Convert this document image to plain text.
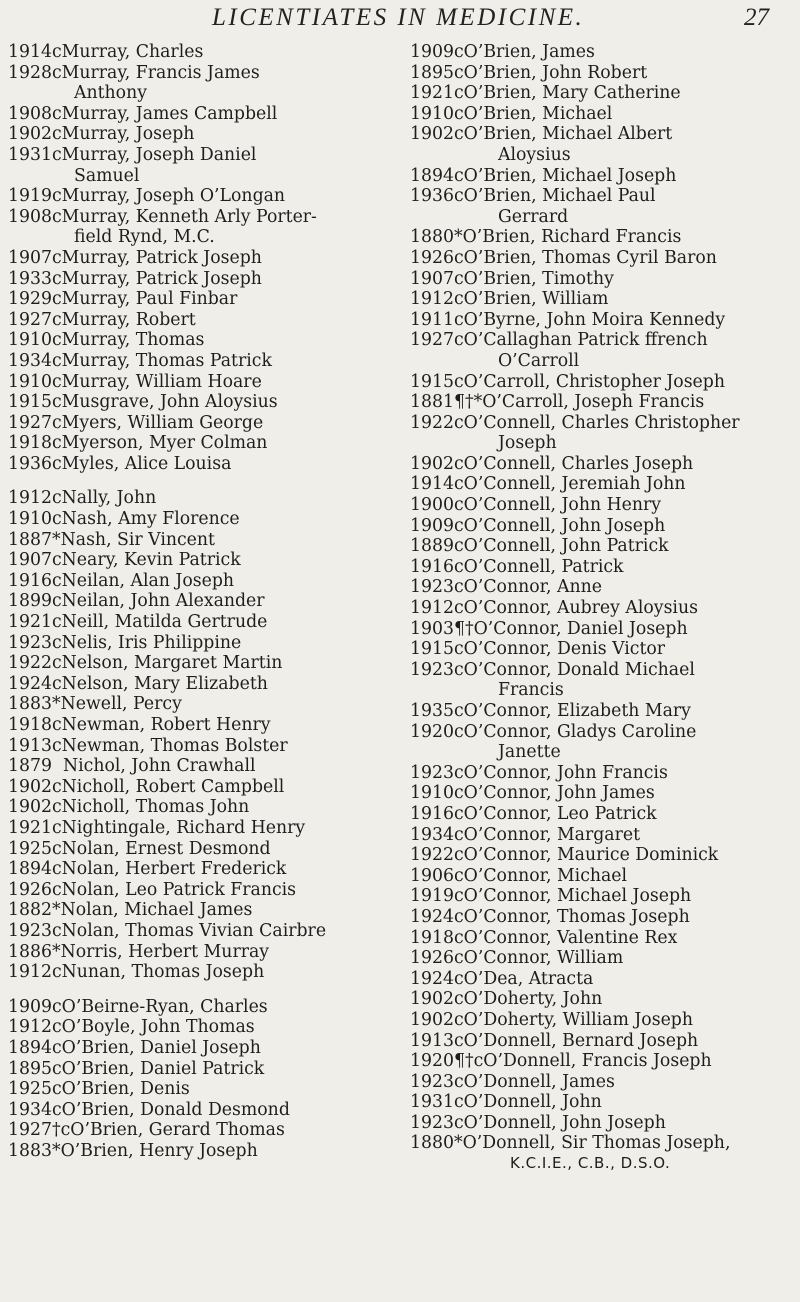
LICENTIATES IN MEDICINE.	27
1914 cMurray, Charles
1928 cMurray, Francis James
Anthony
1908 cMurray, James Campbell
1902 cMurray, Joseph
1931 cMurray, Joseph Daniel
Samuel
1919 cMurray, Joseph O’Longan
1908 cMurray, Kenneth Arly Porter-
field Rynd, M.C.
1907 cMurray, Patrick Joseph
1933 cMurray, Patrick Joseph
1929 cMurray, Paul Finbar
1927 cMurray, Robert
1910 cMurray, Thomas
1934 cMurray, Thomas Patrick
1910 cMurray, William Hoare
1915 cMusgrave, John Aloysius
1927 cMyers, William George
1918 cMyerson, Myer Colman
1936 cMyles, Alice Louisa
1912 cNally, John
1910 cNash, Amy Florence
1887 *Nash, Sir Vincent
1907 cNeary, Kevin Patrick
1916 cNeilan, Alan Joseph
1899 cNeilan, John Alexander
1921 cNeill, Matilda Gertrude
1923 cNelis, Iris Philippine
1922 cNelson, Margaret Martin
1924 cNelson, Mary Elizabeth
1883 *Newell, Percy
1918 cNewman, Robert Henry
1913 cNewman, Thomas Bolster
1879 Nichol, John Crawhall
1902 cNicholl, Robert Campbell
1902 cNicholl, Thomas John
1921 cNightingale, Richard Henry
1925 cNolan, Ernest Desmond
1894 cNolan, Herbert Frederick
1926 cNolan, Leo Patrick Francis
1882 *Nolan, Michael James
1923 cNolan, Thomas Vivian Cairbre
1886 *Norris, Herbert Murray
1912 cNunan, Thomas Joseph
1909 cO’Beirne-Ryan, Charles
1912 cO’Boyle, John Thomas
1894 cO’Brien, Daniel Joseph
1895 cO’Brien, Daniel Patrick
1925 cO’Brien, Denis
1934 cO’Brien, Donald Desmond
1927† cO’Brien, Gerard Thomas
1883 *O’Brien, Henry Joseph
1909 cO’Brien, James
1895 cO’Brien, John Robert
1921 cO’Brien, Mary Catherine
1910 cO’Brien, Michael
1902 cO’Brien, Michael Albert
Aloysius
1894 cO’Brien, Michael Joseph
1936 cO’Brien, Michael Paul
Gerrard
1880 *O’Brien, Richard Francis
1926 cO’Brien, Thomas Cyril Baron
1907 cO’Brien, Timothy
1912 cO’Brien, William
1911 cO’Byrne, John Moira Kennedy
1927 cO’Callaghan Patrick ffrench
O’Carroll
1915 cO’Carroll, Christopher Joseph
1881¶† *O’Carroll, Joseph Francis
1922 cO’Connell, Charles Christopher
Joseph
1902 cO’Connell, Charles Joseph
1914 cO’Connell, Jeremiah John
1900 cO’Connell, John Henry
1909 cO’Connell, John Joseph
1889 cO’Connell, John Patrick
1916 cO’Connell, Patrick
1923 cO’Connor, Anne
1912 cO’Connor, Aubrey Aloysius
1903¶† O’Connor, Daniel Joseph
1915 cO’Connor, Denis Victor
1923 cO’Connor, Donald Michael
Francis
1935 cO’Connor, Elizabeth Mary
1920 cO’Connor, Gladys Caroline
Janette
1923 cO’Connor, John Francis
1910 cO’Connor, John James
1916 cO’Connor, Leo Patrick
1934 cO’Connor, Margaret
1922 cO’Connor, Maurice Dominick
1906 cO’Connor, Michael
1919 cO’Connor, Michael Joseph
1924 cO’Connor, Thomas Joseph
1918 cO’Connor, Valentine Rex
1926 cO’Connor, William
1924 cO’Dea, Atracta
1902 cO’Doherty, John
1902 cO’Doherty, William Joseph
1913 cO’Donnell, Bernard Joseph
1920¶† cO’Donnell, Francis Joseph
1923 cO’Donnell, James
1931 cO’Donnell, John
1923 cO’Donnell, John Joseph
1880 *O’Donnell, Sir Thomas Joseph,
K.C.I.E., C.B., D.S.O.
